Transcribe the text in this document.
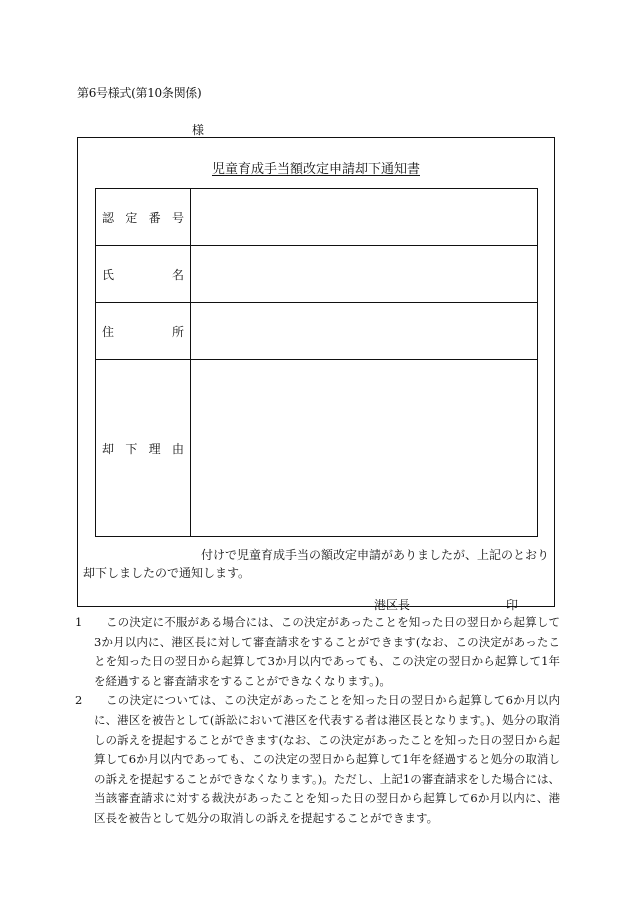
第6号様式(第10条関係)
様
児童育成手当額改定申請却下通知書
認 定 番 号	

氏 名	

住 所	

却 下 理 由	

付けで児童育成手当の額改定申請がありましたが、上記のとおり却下しましたので通知します。
港区長	印
1	この決定に不服がある場合には、この決定があったことを知った日の翌日から起算して3か月以内に、港区長に対して審査請求をすることができます(なお、この決定があったことを知った日の翌日から起算して3か月以内であっても、この決定の翌日から起算して1年を経過すると審査請求をすることができなくなります。)。
2	この決定については、この決定があったことを知った日の翌日から起算して6か月以内に、港区を被告として(訴訟において港区を代表する者は港区長となります。)、処分の取消しの訴えを提起することができます(なお、この決定があったことを知った日の翌日から起算して6か月以内であっても、この決定の翌日から起算して1年を経過すると処分の取消しの訴えを提起することができなくなります。)。ただし、上記1の審査請求をした場合には、当該審査請求に対する裁決があったことを知った日の翌日から起算して6か月以内に、港区長を被告として処分の取消しの訴えを提起することができます。
